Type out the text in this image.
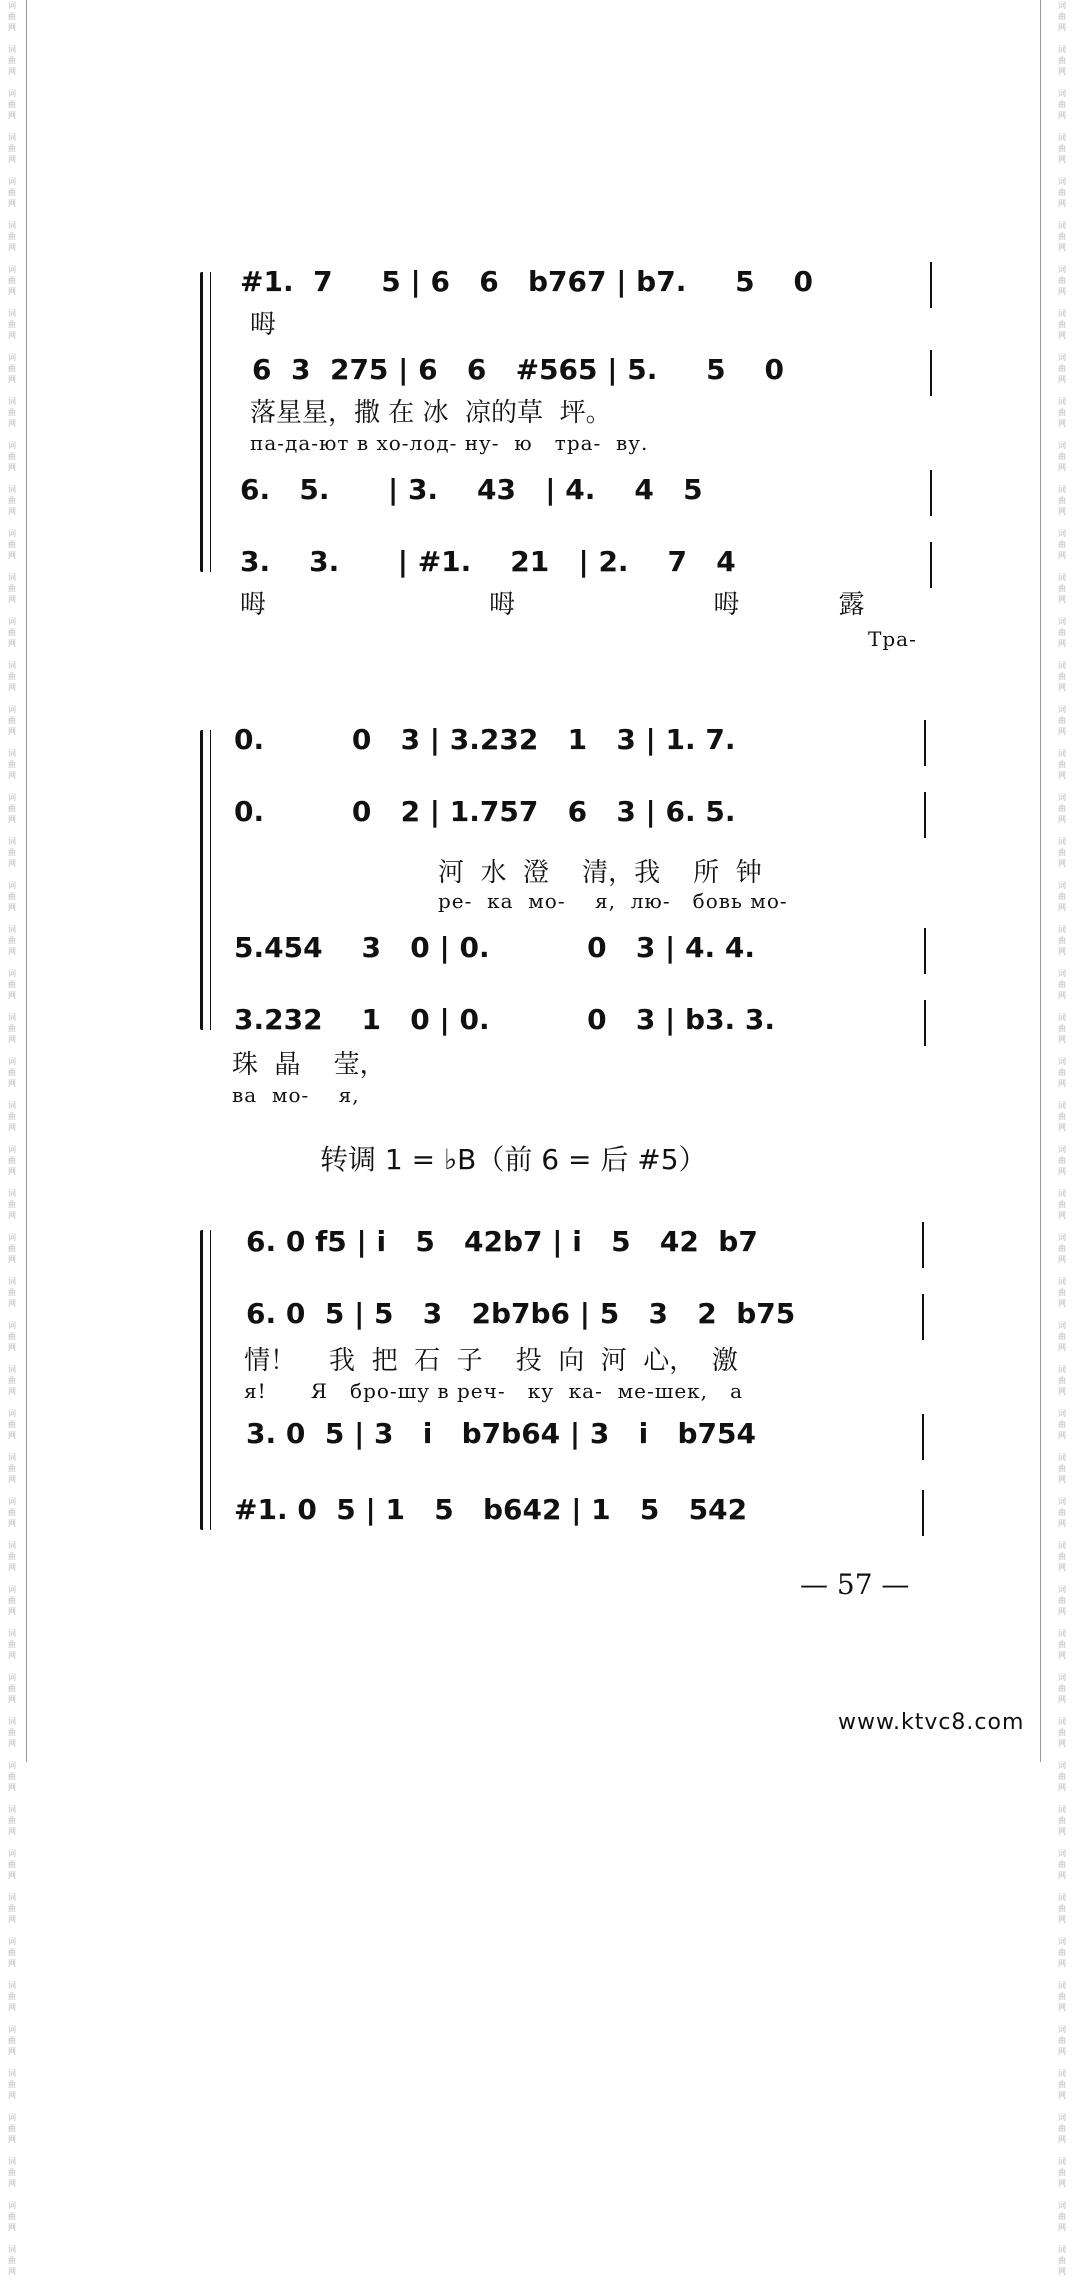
词
曲
网

词
曲
网

词
曲
网

词
曲
网

词
曲
网

词
曲
网

词
曲
网

词
曲
网

词
曲
网

词
曲
网

词
曲
网

词
曲
网

词
曲
网

词
曲
网

词
曲
网

词
曲
网

词
曲
网

词
曲
网

词
曲
网

词
曲
网

词
曲
网

词
曲
网

词
曲
网

词
曲
网

词
曲
网

词
曲
网

词
曲
网

词
曲
网

词
曲
网

词
曲
网

词
曲
网

词
曲
网

词
曲
网

词
曲
网

词
曲
网

词
曲
网

词
曲
网

词
曲
网

词
曲
网

词
曲
网

词
曲
网

词
曲
网

词
曲
网

词
曲
网

词
曲
网

词
曲
网

词
曲
网

词
曲
网

词
曲
网

词
曲
网

词
曲
网

词
曲
网

词
曲
网

词
曲
网

词
曲
网

词
曲
网

词
曲
网

词
曲
网

词
曲
网

词
曲
网

词
曲
网

词
曲
网

词
曲
网

词
曲
网

词
曲
网

词
曲
网

词
曲
网

词
曲
网

词
曲
网

词
曲
网

词
曲
网

词
曲
网

词
曲
网

词
曲
网

词
曲
网

词
曲
网

词
曲
网

词
曲
网

词
曲
网

词
曲
网

词
曲
网

词
曲
网

词
曲
网

词
曲
网

词
曲
网

词
曲
网

词
曲
网

词
曲
网

词
曲
网

词
曲
网

词
曲
网

词
曲
网

词
曲
网

词
曲
网

词
曲
网

词
曲
网

词
曲
网

词
曲
网

词
曲
网

词
曲
网

词
曲
网

词
曲
网

词
曲
网

词
曲
网

#1.  7     5 | 6   6   b767 | b7.     5    0
呣
6  3  275 | 6   6   #565 | 5.     5    0
落星星，撒 在 冰  凉的草  坪。
па-да-ют в хо-лод- ну-  ю   тра-  ву.
6.   5.      | 3.    43   | 4.    4   5
3.    3.      | #1.    21   | 2.    7   4
呣                           呣                        呣            露
Тра-
0.         0   3 | 3.232   1   3 | 1. 7.
0.         0   2 | 1.757   6   3 | 6. 5.
河  水  澄    清，我    所  钟
ре-  ка  мо-    я,  лю-   бовь мо-
5.454    3   0 | 0.          0   3 | 4. 4.
3.232    1   0 | 0.          0   3 | b3. 3.
珠  晶    莹，
ва  мо-    я,
转调 1 = ♭B（前 6 = 后 #5）
6. 0 f5 | i   5   42b7 | i   5   42  b7
6. 0  5 | 5   3   2b7b6 | 5   3   2  b75
情！    我  把  石  子    投  向  河  心，  激
я!      Я   бро-шу в реч-   ку  ка-  ме-шек,   а
3. 0  5 | 3   i   b7b64 | 3   i   b754
#1. 0  5 | 1   5   b642 | 1   5   542
— 57 —
www.ktvc8.com
